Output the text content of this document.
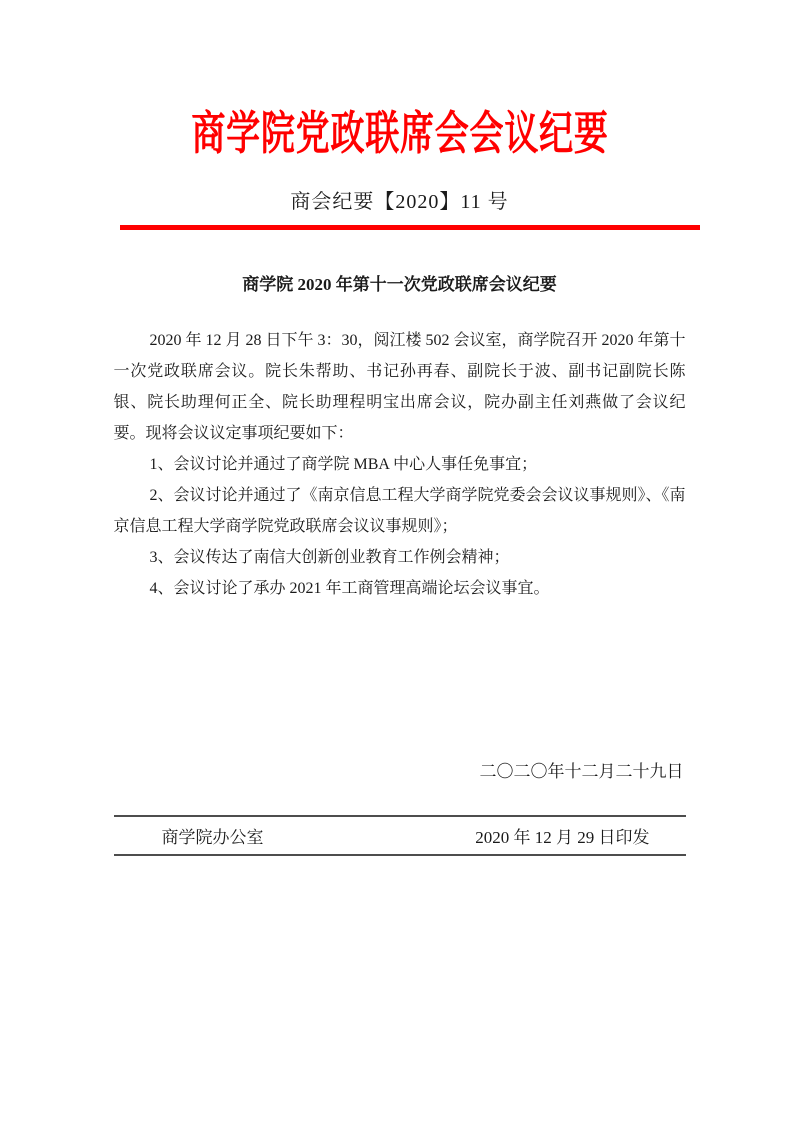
商学院党政联席会会议纪要
商会纪要【2020】11 号
商学院 2020 年第十一次党政联席会议纪要

2020 年 12 月 28 日下午 3：30，阅江楼 502 会议室，商学院召开 2020 年第十一次党政联席会议。院长朱帮助、书记孙再春、副院长于波、副书记副院长陈银、院长助理何正全、院长助理程明宝出席会议，院办副主任刘燕做了会议纪要。现将会议议定事项纪要如下：

1、会议讨论并通过了商学院 MBA 中心人事任免事宜；

2、会议讨论并通过了《南京信息工程大学商学院党委会会议议事规则》、《南京信息工程大学商学院党政联席会议议事规则》；

3、会议传达了南信大创新创业教育工作例会精神；

4、会议讨论了承办 2021 年工商管理高端论坛会议事宜。

二〇二〇年十二月二十九日
商学院办公室	2020 年 12 月 29 日印发
